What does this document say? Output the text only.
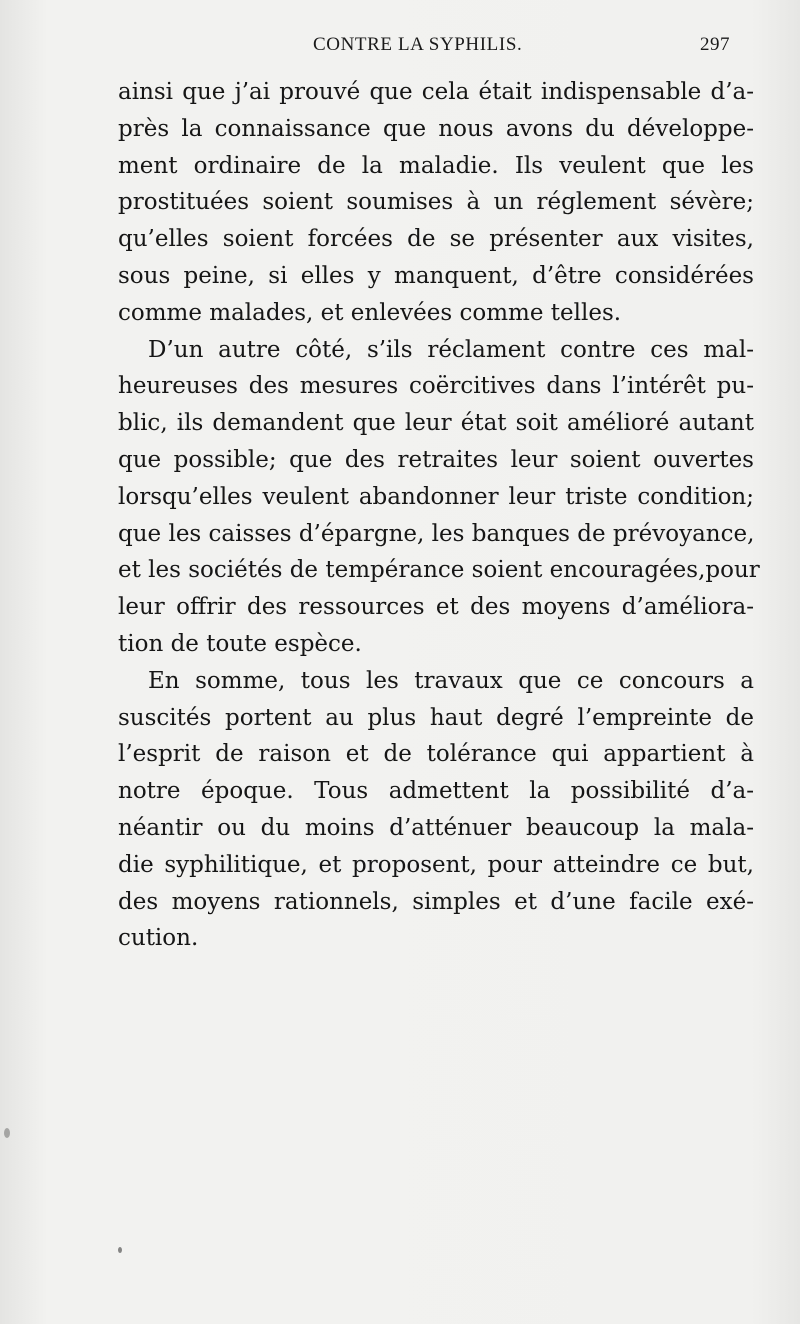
CONTRE LA SYPHILIS.	297
ainsi que j’ai prouvé que cela était indispensable d’a-
près la connaissance que nous avons du développe-
ment ordinaire de la maladie. Ils veulent que les
prostituées soient soumises à un réglement sévère;
qu’elles soient forcées de se présenter aux visites,
sous peine, si elles y manquent, d’être considérées
comme malades, et enlevées comme telles.
D’un autre côté, s’ils réclament contre ces mal-
heureuses des mesures coërcitives dans l’intérêt pu-
blic, ils demandent que leur état soit amélioré autant
que possible; que des retraites leur soient ouvertes
lorsqu’elles veulent abandonner leur triste condition;
que les caisses d’épargne, les banques de prévoyance,
et les sociétés de tempérance soient encouragées,pour
leur offrir des ressources et des moyens d’améliora-
tion de toute espèce.
En somme, tous les travaux que ce concours a
suscités portent au plus haut degré l’empreinte de
l’esprit de raison et de tolérance qui appartient à
notre époque. Tous admettent la possibilité d’a-
néantir ou du moins d’atténuer beaucoup la mala-
die syphilitique, et proposent, pour atteindre ce but,
des moyens rationnels, simples et d’une facile exé-
cution.
